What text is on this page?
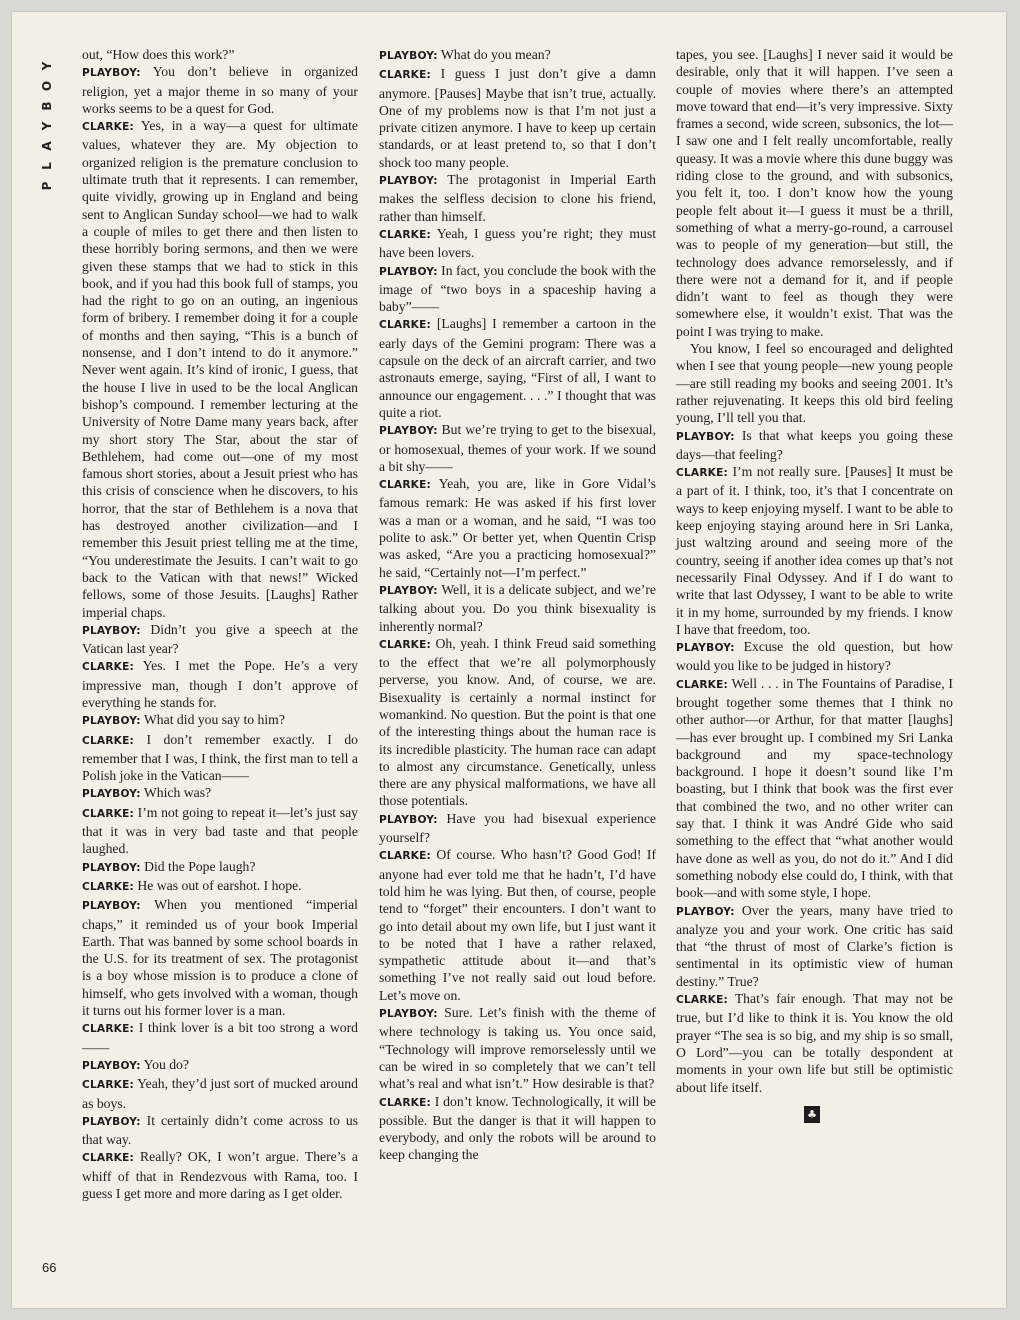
Y
O
B
Y
A
L
P

out, “How does this work?”

PLAYBOY: You don’t believe in organized religion, yet a major theme in so many of your works seems to be a quest for God.

CLARKE: Yes, in a way—a quest for ultimate values, whatever they are. My objection to organized religion is the premature conclusion to ultimate truth that it represents. I can remember, quite vividly, growing up in England and being sent to Anglican Sunday school—we had to walk a couple of miles to get there and then listen to these horribly boring sermons, and then we were given these stamps that we had to stick in this book, and if you had this book full of stamps, you had the right to go on an outing, an ingenious form of bribery. I remember doing it for a couple of months and then saying, “This is a bunch of nonsense, and I don’t intend to do it anymore.” Never went again. It’s kind of ironic, I guess, that the house I live in used to be the local Anglican bishop’s compound. I remember lecturing at the University of Notre Dame many years back, after my short story The Star, about the star of Bethlehem, had come out—one of my most famous short stories, about a Jesuit priest who has this crisis of conscience when he discovers, to his horror, that the star of Bethlehem is a nova that has destroyed another civilization—and I remember this Jesuit priest telling me at the time, “You underestimate the Jesuits. I can’t wait to go back to the Vatican with that news!” Wicked fellows, some of those Jesuits. [Laughs] Rather imperial chaps.

PLAYBOY: Didn’t you give a speech at the Vatican last year?

CLARKE: Yes. I met the Pope. He’s a very impressive man, though I don’t approve of everything he stands for.

PLAYBOY: What did you say to him?

CLARKE: I don’t remember exactly. I do remember that I was, I think, the first man to tell a Polish joke in the Vatican——

PLAYBOY: Which was?

CLARKE: I’m not going to repeat it—let’s just say that it was in very bad taste and that people laughed.

PLAYBOY: Did the Pope laugh?

CLARKE: He was out of earshot. I hope.

PLAYBOY: When you mentioned “imperial chaps,” it reminded us of your book Imperial Earth. That was banned by some school boards in the U.S. for its treatment of sex. The protagonist is a boy whose mission is to produce a clone of himself, who gets involved with a woman, though it turns out his former lover is a man.

CLARKE: I think lover is a bit too strong a word——

PLAYBOY: You do?

CLARKE: Yeah, they’d just sort of mucked around as boys.

PLAYBOY: It certainly didn’t come across to us that way.

CLARKE: Really? OK, I won’t argue. There’s a whiff of that in Rendezvous with Rama, too. I guess I get more and more daring as I get older.

PLAYBOY: What do you mean?

CLARKE: I guess I just don’t give a damn anymore. [Pauses] Maybe that isn’t true, actually. One of my problems now is that I’m not just a private citizen anymore. I have to keep up certain standards, or at least pretend to, so that I don’t shock too many people.

PLAYBOY: The protagonist in Imperial Earth makes the selfless decision to clone his friend, rather than himself.

CLARKE: Yeah, I guess you’re right; they must have been lovers.

PLAYBOY: In fact, you conclude the book with the image of “two boys in a spaceship having a baby”——

CLARKE: [Laughs] I remember a cartoon in the early days of the Gemini program: There was a capsule on the deck of an aircraft carrier, and two astronauts emerge, saying, “First of all, I want to announce our engagement. . . .” I thought that was quite a riot.

PLAYBOY: But we’re trying to get to the bisexual, or homosexual, themes of your work. If we sound a bit shy——

CLARKE: Yeah, you are, like in Gore Vidal’s famous remark: He was asked if his first lover was a man or a woman, and he said, “I was too polite to ask.” Or better yet, when Quentin Crisp was asked, “Are you a practicing homosexual?” he said, “Certainly not—I’m perfect.”

PLAYBOY: Well, it is a delicate subject, and we’re talking about you. Do you think bisexuality is inherently normal?

CLARKE: Oh, yeah. I think Freud said something to the effect that we’re all polymorphously perverse, you know. And, of course, we are. Bisexuality is certainly a normal instinct for womankind. No question. But the point is that one of the interesting things about the human race is its incredible plasticity. The human race can adapt to almost any circumstance. Genetically, unless there are any physical malformations, we have all those potentials.

PLAYBOY: Have you had bisexual experience yourself?

CLARKE: Of course. Who hasn’t? Good God! If anyone had ever told me that he hadn’t, I’d have told him he was lying. But then, of course, people tend to “forget” their encounters. I don’t want to go into detail about my own life, but I just want it to be noted that I have a rather relaxed, sympathetic attitude about it—and that’s something I’ve not really said out loud before. Let’s move on.

PLAYBOY: Sure. Let’s finish with the theme of where technology is taking us. You once said, “Technology will improve remorselessly until we can be wired in so completely that we can’t tell what’s real and what isn’t.” How desirable is that?

CLARKE: I don’t know. Technologically, it will be possible. But the danger is that it will happen to everybody, and only the robots will be around to keep changing the

tapes, you see. [Laughs] I never said it would be desirable, only that it will happen. I’ve seen a couple of movies where there’s an attempted move toward that end—it’s very impressive. Sixty frames a second, wide screen, subsonics, the lot—I saw one and I felt really uncomfortable, really queasy. It was a movie where this dune buggy was riding close to the ground, and with subsonics, you felt it, too. I don’t know how the young people felt about it—I guess it must be a thrill, something of what a merry-go-round, a carrousel was to people of my generation—but still, the technology does advance remorselessly, and if there were not a demand for it, and if people didn’t want to feel as though they were somewhere else, it wouldn’t exist. That was the point I was trying to make.

You know, I feel so encouraged and delighted when I see that young people—new young people—are still reading my books and seeing 2001. It’s rather rejuvenating. It keeps this old bird feeling young, I’ll tell you that.

PLAYBOY: Is that what keeps you going these days—that feeling?

CLARKE: I’m not really sure. [Pauses] It must be a part of it. I think, too, it’s that I concentrate on ways to keep enjoying myself. I want to be able to keep enjoying staying around here in Sri Lanka, just waltzing around and seeing more of the country, seeing if another idea comes up that’s not necessarily Final Odyssey. And if I do want to write that last Odyssey, I want to be able to write it in my home, surrounded by my friends. I know I have that freedom, too.

PLAYBOY: Excuse the old question, but how would you like to be judged in history?

CLARKE: Well . . . in The Fountains of Paradise, I brought together some themes that I think no other author—or Arthur, for that matter [laughs]—has ever brought up. I combined my Sri Lanka background and my space-technology background. I hope it doesn’t sound like I’m boasting, but I think that book was the first ever that combined the two, and no other writer can say that. I think it was André Gide who said something to the effect that “what another would have done as well as you, do not do it.” And I did something nobody else could do, I think, with that book—and with some style, I hope.

PLAYBOY: Over the years, many have tried to analyze you and your work. One critic has said that “the thrust of most of Clarke’s fiction is sentimental in its optimistic view of human destiny.” True?

CLARKE: That’s fair enough. That may not be true, but I’d like to think it is. You know the old prayer “The sea is so big, and my ship is so small, O Lord”—you can be totally despondent at moments in your own life but still be optimistic about life itself.

♣
66
